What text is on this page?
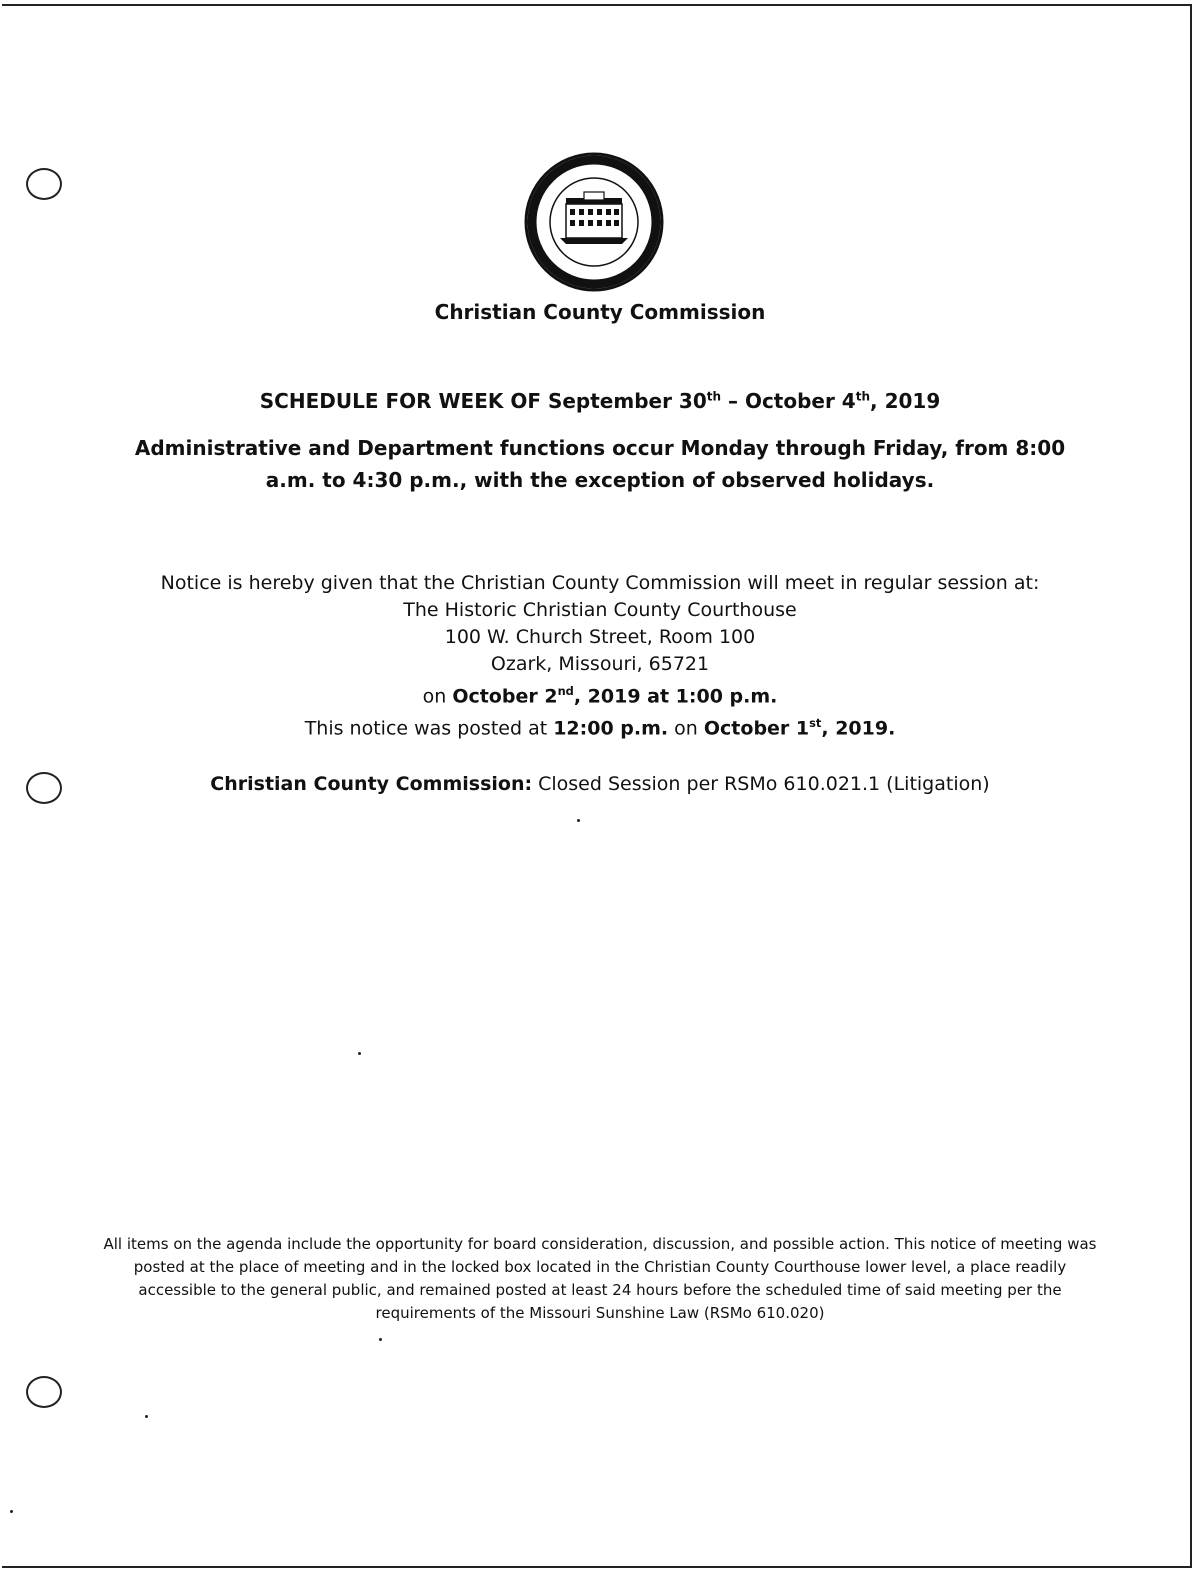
STATE OF MISSOURI
COUNTY OF CHRISTIAN
Christian County Commission
SCHEDULE FOR WEEK OF September 30th – October 4th, 2019
Administrative and Department functions occur Monday through Friday, from 8:00 a.m. to 4:30 p.m., with the exception of observed holidays.
Notice is hereby given that the Christian County Commission will meet in regular session at:
The Historic Christian County Courthouse
100 W. Church Street, Room 100
Ozark, Missouri, 65721
on October 2nd, 2019 at 1:00 p.m.
This notice was posted at 12:00 p.m. on October 1st, 2019.
Christian County Commission: Closed Session per RSMo 610.021.1 (Litigation)
All items on the agenda include the opportunity for board consideration, discussion, and possible action. This notice of meeting was posted at the place of meeting and in the locked box located in the Christian County Courthouse lower level, a place readily accessible to the general public, and remained posted at least 24 hours before the scheduled time of said meeting per the requirements of the Missouri Sunshine Law (RSMo 610.020)
